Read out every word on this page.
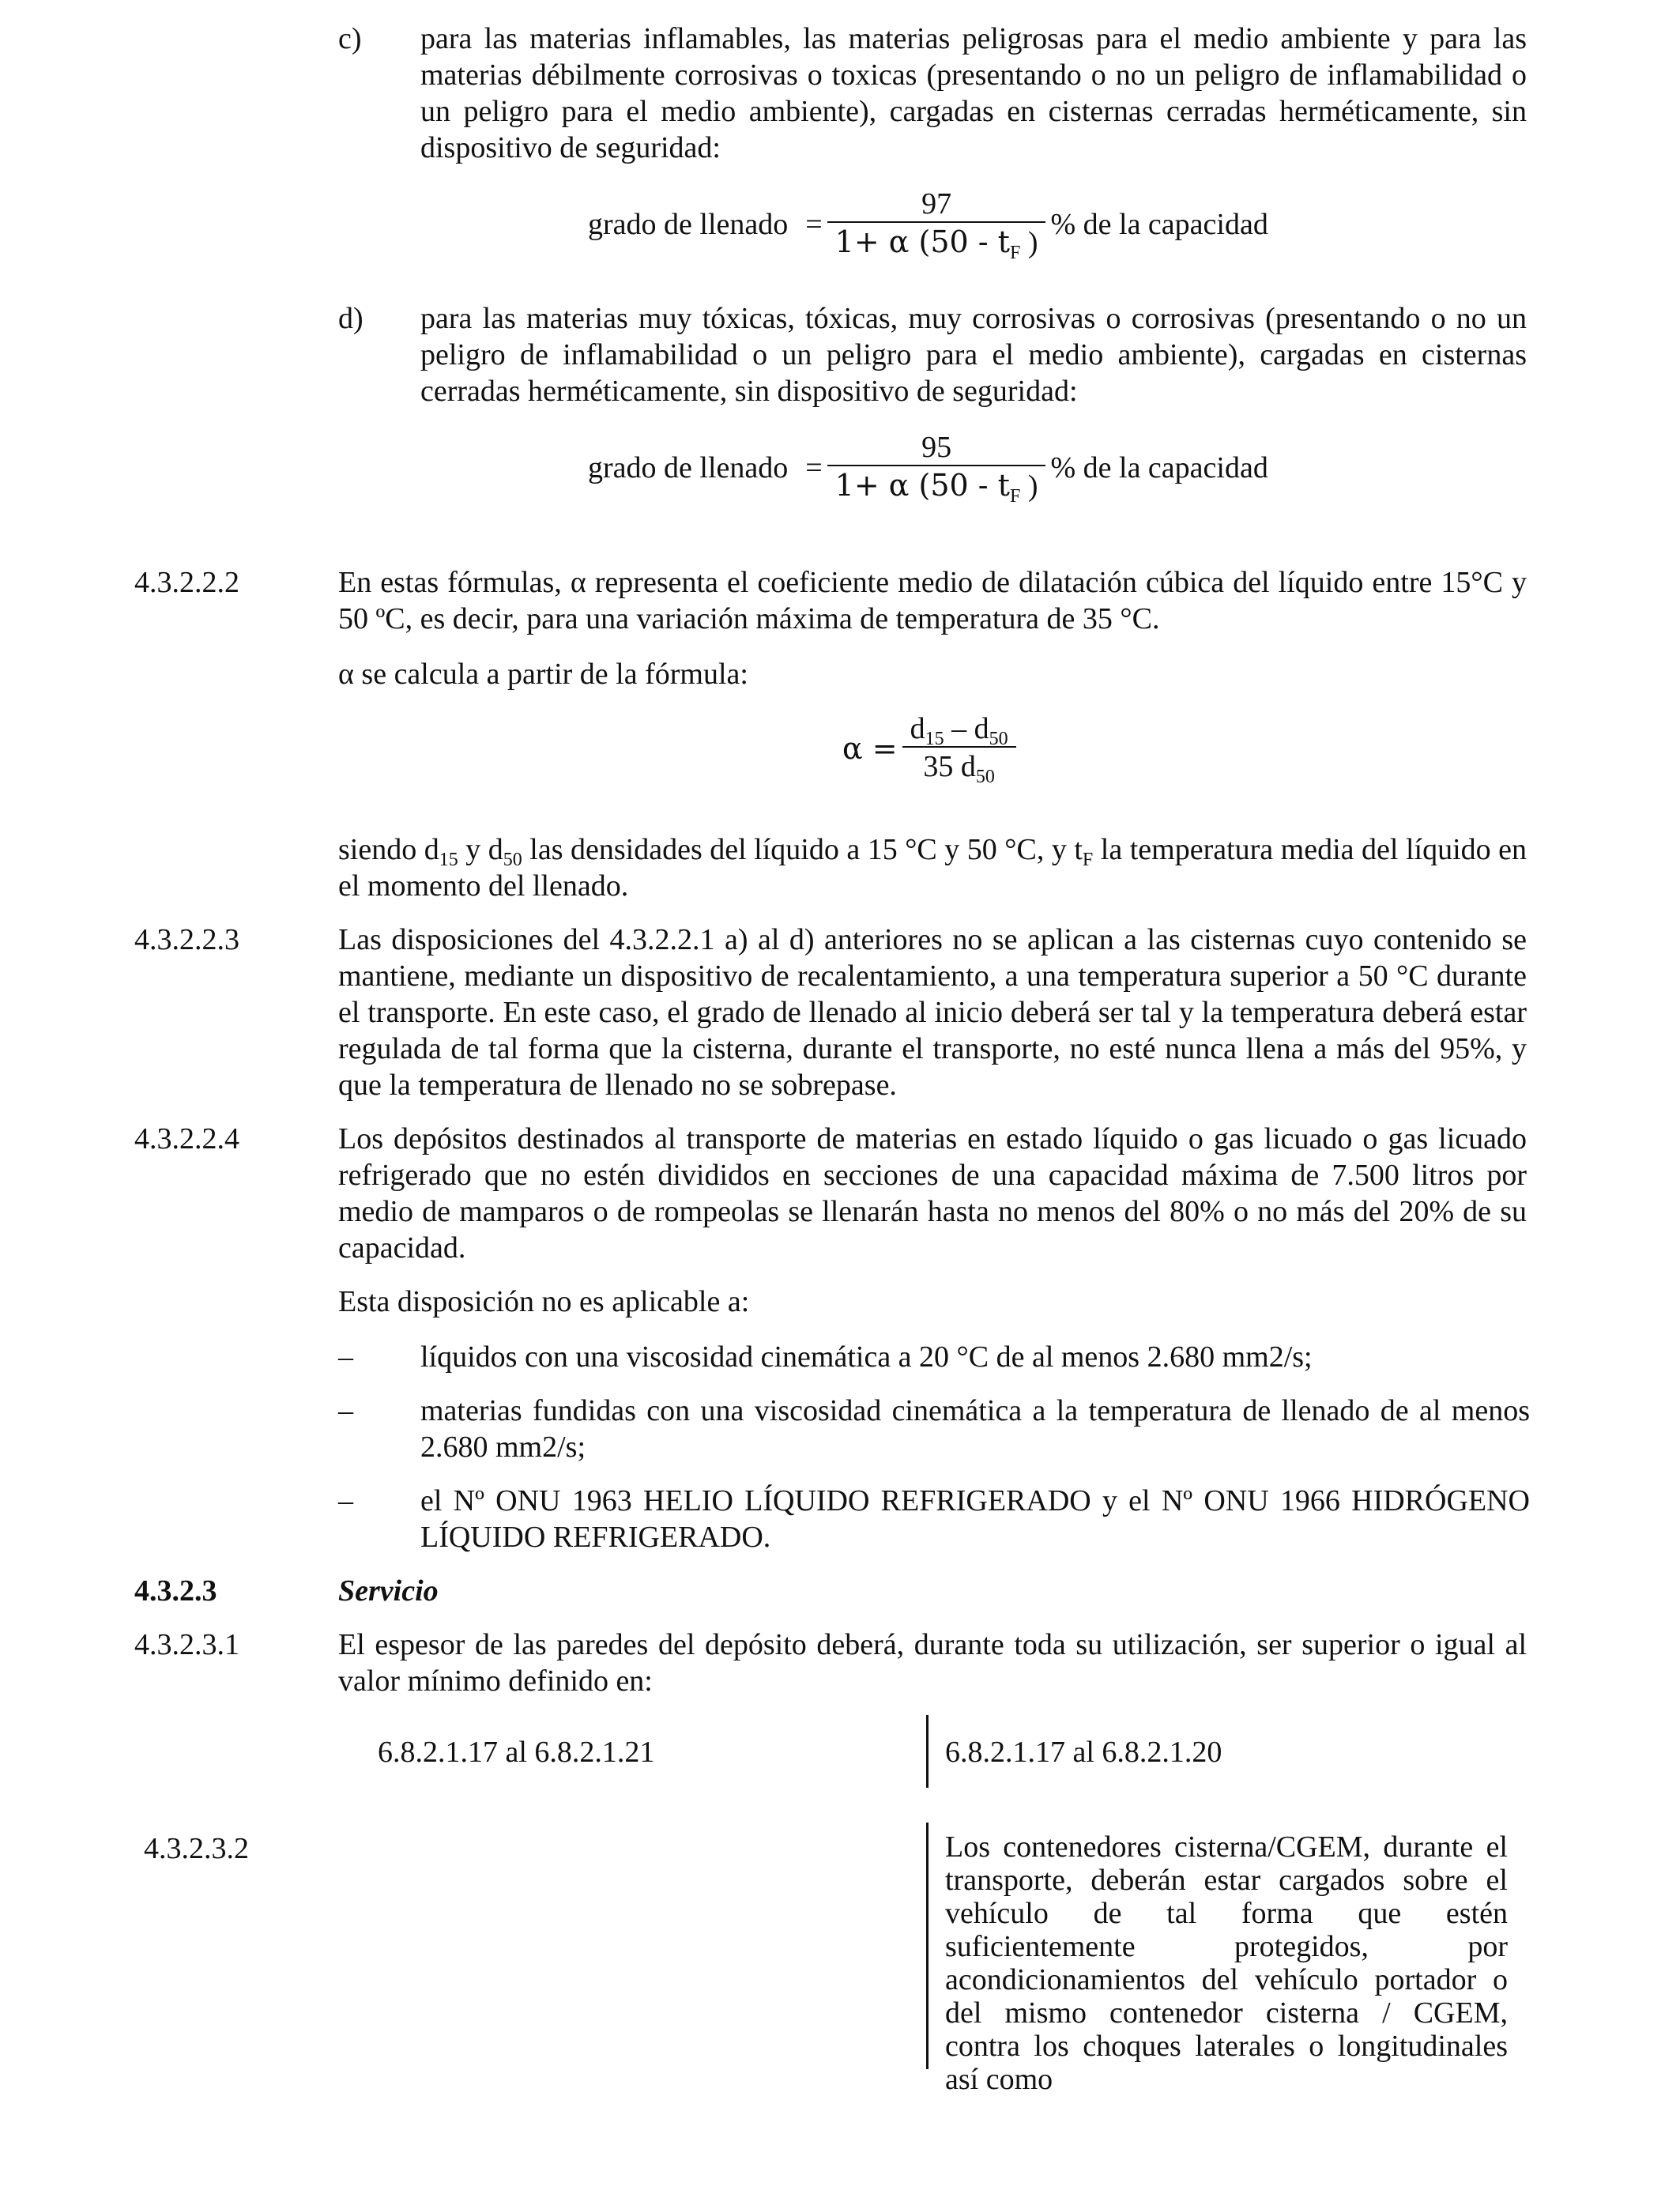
c) para las materias inflamables, las materias peligrosas para el medio ambiente y para las materias débilmente corrosivas o toxicas (presentando o no un peligro de inflamabilidad o un peligro para el medio ambiente), cargadas en cisternas cerradas herméticamente, sin dispositivo de seguridad:
grado de llenado = $\frac{97}{1+ \alpha (50 - t_F )}$ % de la capacidad
d) para las materias muy tóxicas, tóxicas, muy corrosivas o corrosivas (presentando o no un peligro de inflamabilidad o un peligro para el medio ambiente), cargadas en cisternas cerradas herméticamente, sin dispositivo de seguridad:
grado de llenado = $\frac{95}{1+ \alpha (50 - t_F )}$ % de la capacidad
4.3.2.2.2	En estas fórmulas, α representa el coeficiente medio de dilatación cúbica del líquido entre 15°C y 50 ºC, es decir, para una variación máxima de temperatura de 35 °C.
α se calcula a partir de la fórmula:
$\alpha = \frac{d_{15} - d_{50}}{35 d_{50}}$
siendo $d_{15}$ y $d_{50}$ las densidades del líquido a 15 °C y 50 °C, y $t_F$ la temperatura media del líquido en el momento del llenado.
4.3.2.2.3	Las disposiciones del 4.3.2.2.1 a) al d) anteriores no se aplican a las cisternas cuyo contenido se mantiene, mediante un dispositivo de recalentamiento, a una temperatura superior a 50 °C durante el transporte. En este caso, el grado de llenado al inicio deberá ser tal y la temperatura deberá estar regulada de tal forma que la cisterna, durante el transporte, no esté nunca llena a más del 95%, y que la temperatura de llenado no se sobrepase.
4.3.2.2.4	Los depósitos destinados al transporte de materias en estado líquido o gas licuado o gas licuado refrigerado que no estén divididos en secciones de una capacidad máxima de 7.500 litros por medio de mamparos o de rompeolas se llenarán hasta no menos del 80% o no más del 20% de su capacidad.
Esta disposición no es aplicable a:
– líquidos con una viscosidad cinemática a 20 °C de al menos 2.680 mm2/s;
– materias fundidas con una viscosidad cinemática a la temperatura de llenado de al menos 2.680 mm2/s;
– el Nº ONU 1963 HELIO LÍQUIDO REFRIGERADO y el Nº ONU 1966 HIDRÓGENO LÍQUIDO REFRIGERADO.
4.3.2.3	Servicio
4.3.2.3.1	El espesor de las paredes del depósito deberá, durante toda su utilización, ser superior o igual al valor mínimo definido en:
6.8.2.1.17 al 6.8.2.1.21	6.8.2.1.17 al 6.8.2.1.20
4.3.2.3.2	Los contenedores cisterna/CGEM, durante el transporte, deberán estar cargados sobre el vehículo de tal forma que estén suficientemente protegidos, por acondicionamientos del vehículo portador o del mismo contenedor cisterna / CGEM, contra los choques laterales o longitudinales así como
